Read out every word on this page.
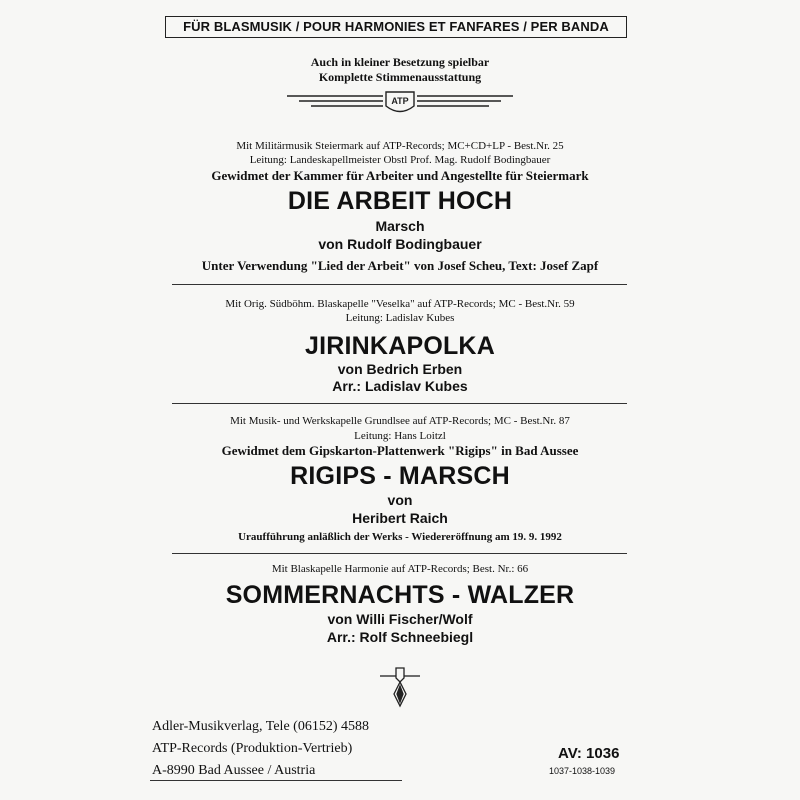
FÜR BLASMUSIK / POUR HARMONIES ET FANFARES / PER BANDA
Auch in kleiner Besetzung spielbar
Komplette Stimmenausstattung
ATP
Mit Militärmusik Steiermark auf ATP-Records; MC+CD+LP - Best.Nr. 25
Leitung: Landeskapellmeister Obstl Prof. Mag. Rudolf Bodingbauer
Gewidmet der Kammer für Arbeiter und Angestellte für Steiermark
DIE ARBEIT HOCH
Marsch
von Rudolf Bodingbauer
Unter Verwendung "Lied der Arbeit" von Josef Scheu, Text: Josef Zapf
Mit Orig. Südböhm. Blaskapelle "Veselka" auf ATP-Records; MC - Best.Nr. 59
Leitung: Ladislav Kubes
JIRINKAPOLKA
von Bedrich Erben
Arr.: Ladislav Kubes
Mit Musik- und Werkskapelle Grundlsee auf ATP-Records; MC - Best.Nr. 87
Leitung: Hans Loitzl
Gewidmet dem Gipskarton-Plattenwerk "Rigips" in Bad Aussee
RIGIPS - MARSCH
von
Heribert Raich
Uraufführung anläßlich der Werks - Wiedereröffnung am 19. 9. 1992
Mit Blaskapelle Harmonie auf ATP-Records; Best. Nr.: 66
SOMMERNACHTS - WALZER
von Willi Fischer/Wolf
Arr.: Rolf Schneebiegl
Adler-Musikverlag, Tele (06152) 4588
ATP-Records (Produktion-Vertrieb)
A-8990 Bad Aussee / Austria
AV: 1036
1037-1038-1039
